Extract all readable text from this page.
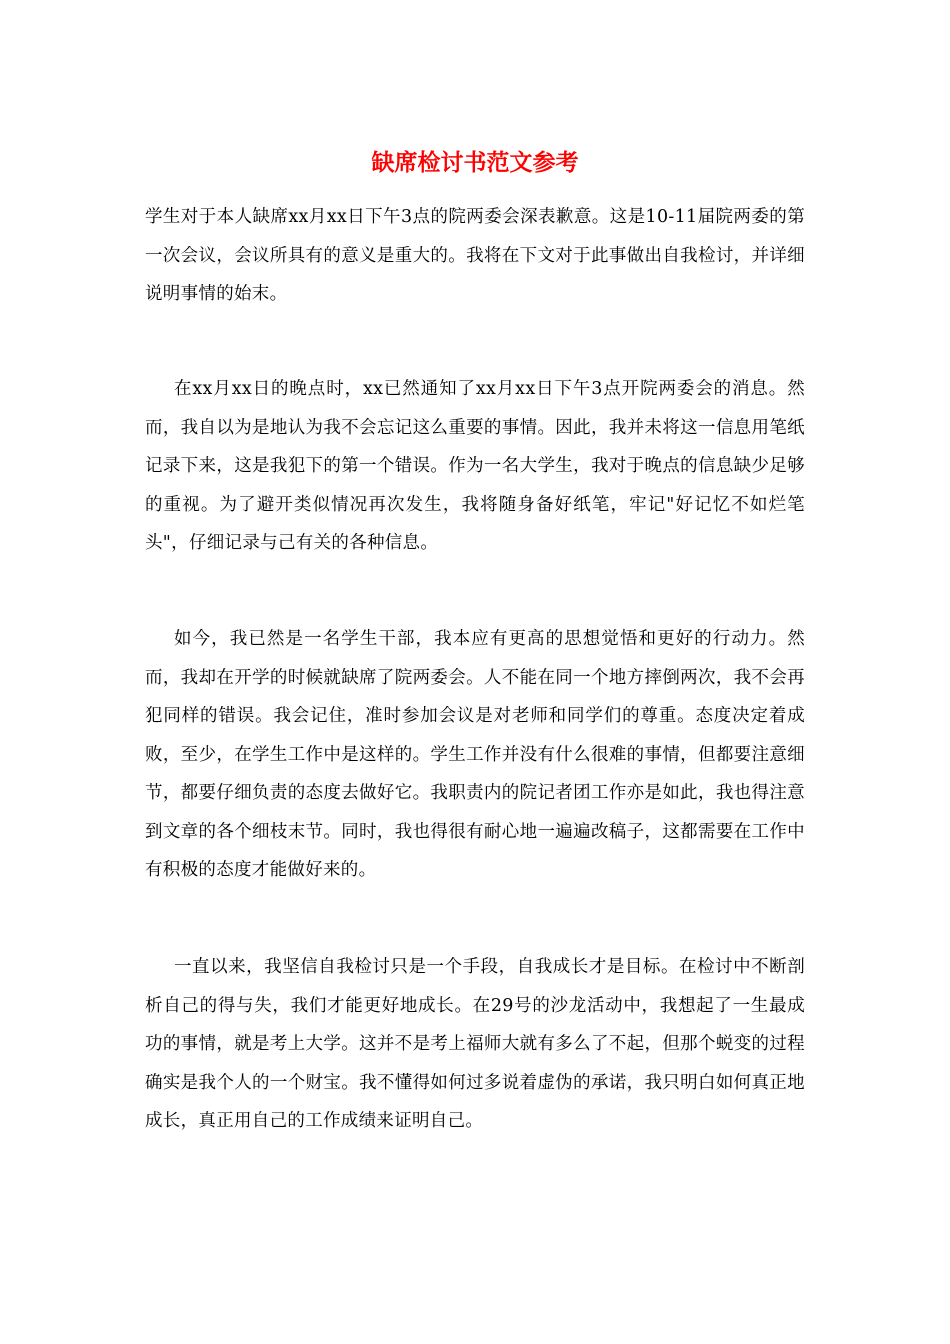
缺席检讨书范文参考

学生对于本人缺席xx月xx日下午3点的院两委会深表歉意。这是10-11届院两委的第一次会议，会议所具有的意义是重大的。我将在下文对于此事做出自我检讨，并详细说明事情的始末。

在xx月xx日的晚点时，xx已然通知了xx月xx日下午3点开院两委会的消息。然而，我自以为是地认为我不会忘记这么重要的事情。因此，我并未将这一信息用笔纸记录下来，这是我犯下的第一个错误。作为一名大学生，我对于晚点的信息缺少足够的重视。为了避开类似情况再次发生，我将随身备好纸笔，牢记"好记忆不如烂笔头"，仔细记录与己有关的各种信息。

如今，我已然是一名学生干部，我本应有更高的思想觉悟和更好的行动力。然而，我却在开学的时候就缺席了院两委会。人不能在同一个地方摔倒两次，我不会再犯同样的错误。我会记住，准时参加会议是对老师和同学们的尊重。态度决定着成败，至少，在学生工作中是这样的。学生工作并没有什么很难的事情，但都要注意细节，都要仔细负责的态度去做好它。我职责内的院记者团工作亦是如此，我也得注意到文章的各个细枝末节。同时，我也得很有耐心地一遍遍改稿子，这都需要在工作中有积极的态度才能做好来的。

一直以来，我坚信自我检讨只是一个手段，自我成长才是目标。在检讨中不断剖析自己的得与失，我们才能更好地成长。在29号的沙龙活动中，我想起了一生最成功的事情，就是考上大学。这并不是考上福师大就有多么了不起，但那个蜕变的过程确实是我个人的一个财宝。我不懂得如何过多说着虚伪的承诺，我只明白如何真正地成长，真正用自己的工作成绩来证明自己。
